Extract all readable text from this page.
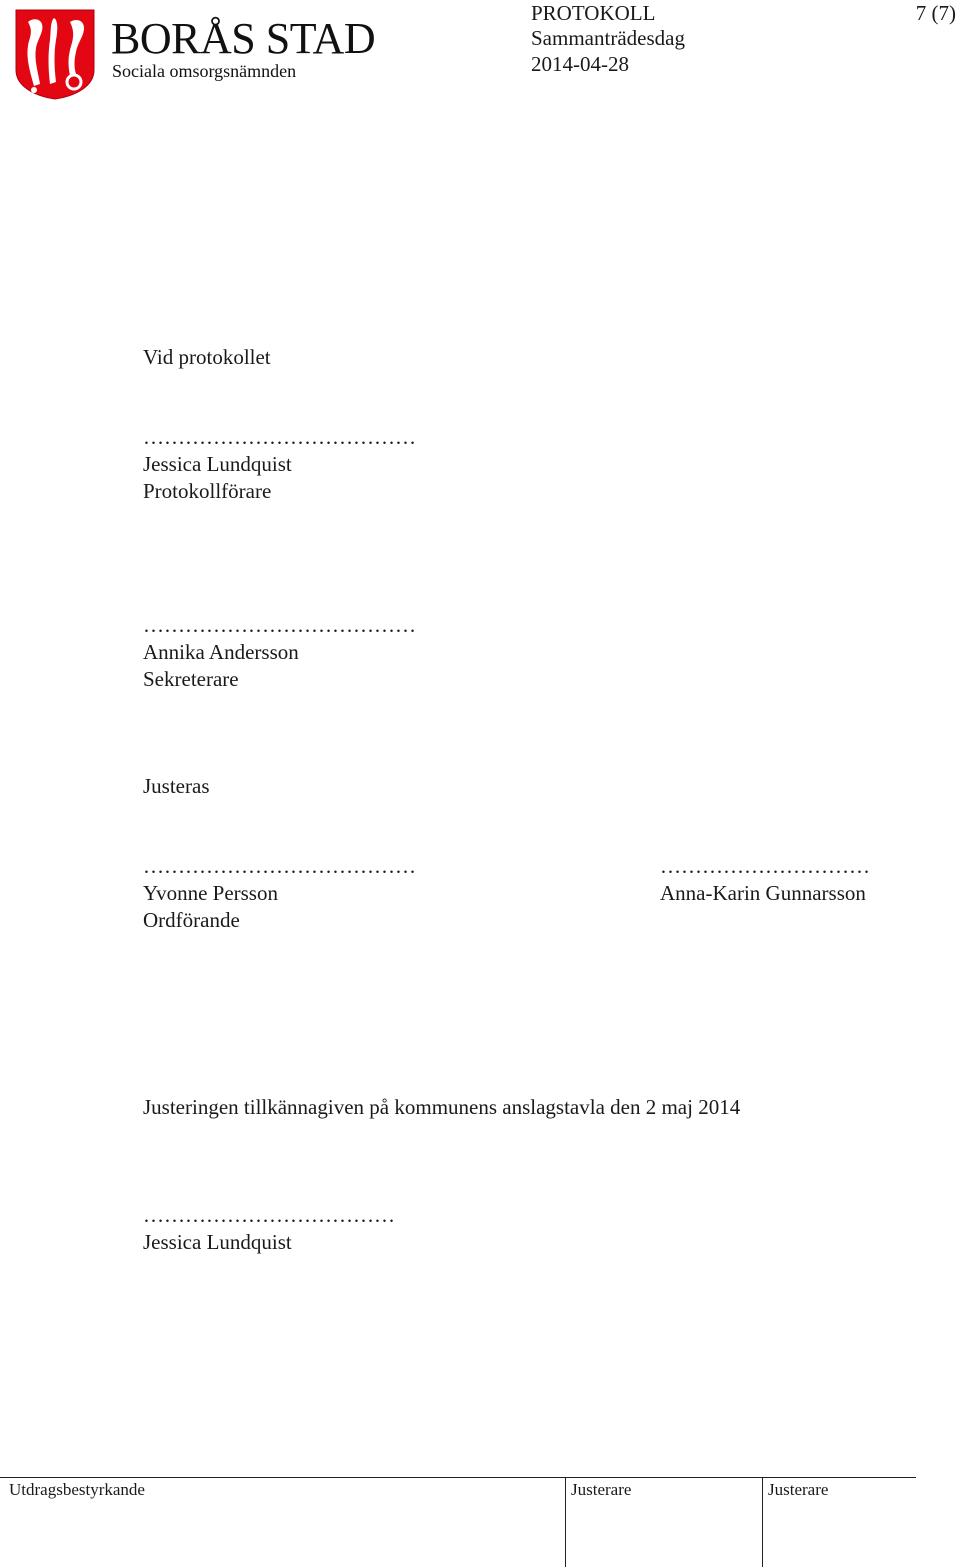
BORÅS STAD
Sociala omsorgsnämnden
PROTOKOLL
Sammanträdesdag
2014-04-28
7 (7)
Vid protokollet
…………………………………
Jessica Lundquist
Protokollförare
…………………………………
Annika Andersson
Sekreterare
Justeras
…………………………………
Yvonne Persson
Ordförande
…………………………
Anna-Karin Gunnarsson
Justeringen tillkännagiven på kommunens anslagstavla den 2 maj 2014
………………………………
Jessica Lundquist
Utdragsbestyrkande	Justerare	Justerare
